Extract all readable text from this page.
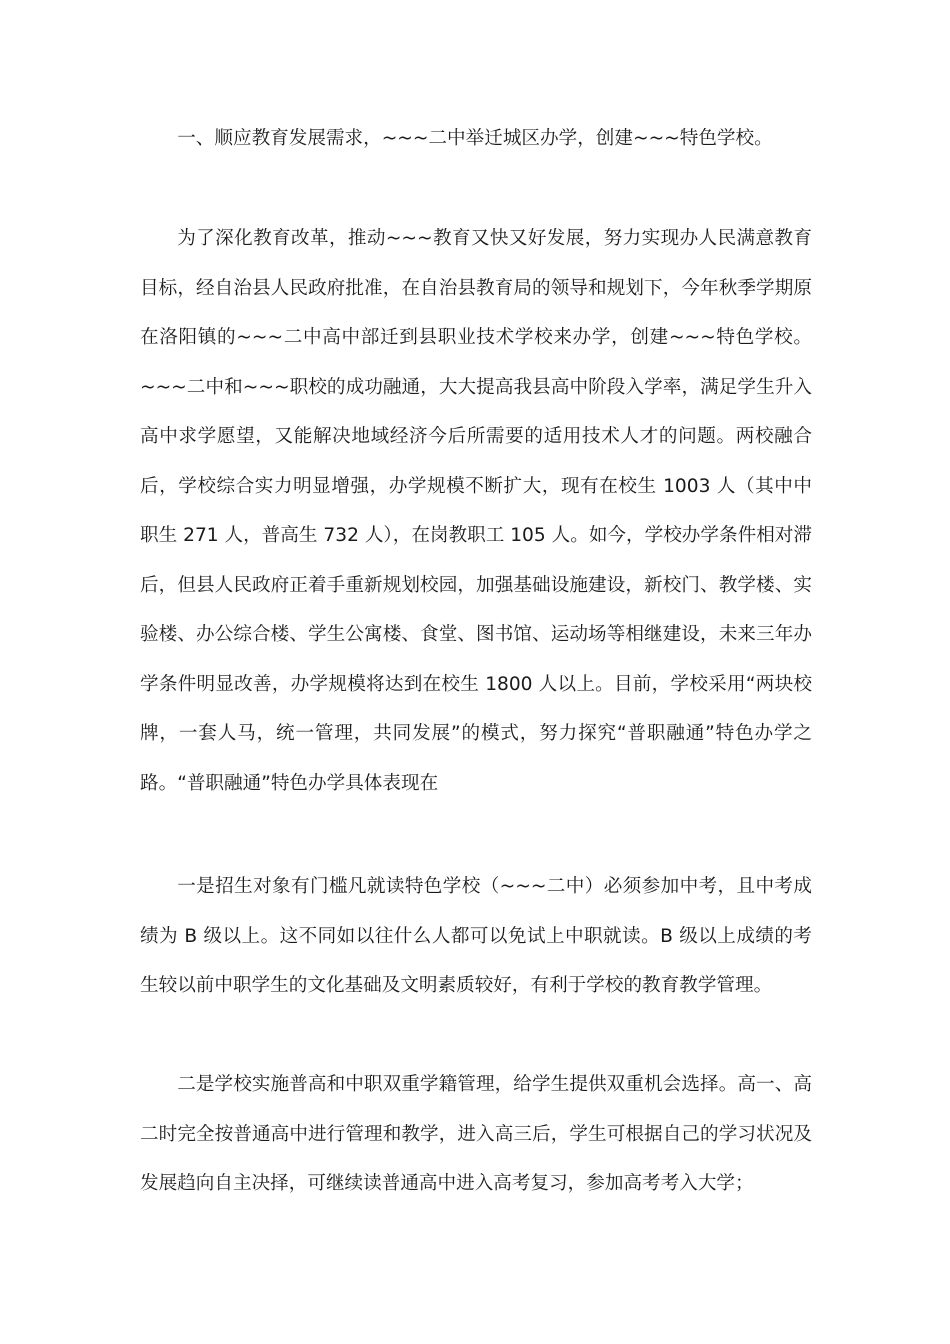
一、顺应教育发展需求，~~~二中举迁城区办学，创建~~~特色学校。

为了深化教育改革，推动~~~教育又快又好发展，努力实现办人民满意教育目标，经自治县人民政府批准，在自治县教育局的领导和规划下，今年秋季学期原在洛阳镇的~~~二中高中部迁到县职业技术学校来办学，创建~~~特色学校。~~~二中和~~~职校的成功融通，大大提高我县高中阶段入学率，满足学生升入高中求学愿望，又能解决地域经济今后所需要的适用技术人才的问题。两校融合后，学校综合实力明显增强，办学规模不断扩大，现有在校生 1003 人（其中中职生 271 人，普高生 732 人），在岗教职工 105 人。如今，学校办学条件相对滞后，但县人民政府正着手重新规划校园，加强基础设施建设，新校门、教学楼、实验楼、办公综合楼、学生公寓楼、食堂、图书馆、运动场等相继建设，未来三年办学条件明显改善，办学规模将达到在校生 1800 人以上。目前，学校采用“两块校牌，一套人马，统一管理，共同发展”的模式，努力探究“普职融通”特色办学之路。“普职融通”特色办学具体表现在

一是招生对象有门槛凡就读特色学校（~~~二中）必须参加中考，且中考成绩为 B 级以上。这不同如以往什么人都可以免试上中职就读。B 级以上成绩的考生较以前中职学生的文化基础及文明素质较好，有利于学校的教育教学管理。

二是学校实施普高和中职双重学籍管理，给学生提供双重机会选择。高一、高二时完全按普通高中进行管理和教学，进入高三后，学生可根据自己的学习状况及发展趋向自主决择，可继续读普通高中进入高考复习，参加高考考入大学；
